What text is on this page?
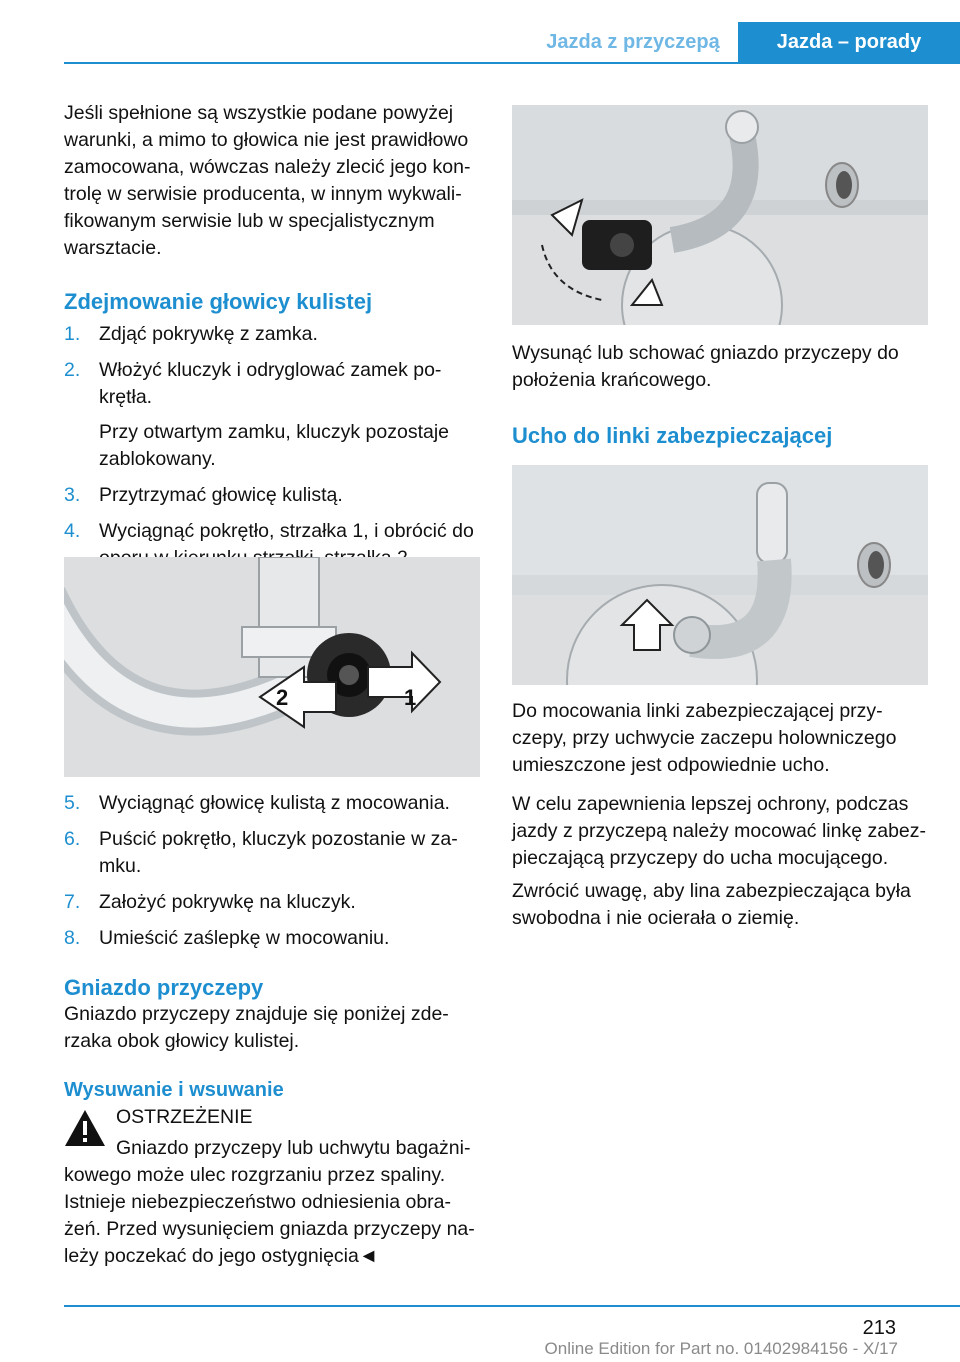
Jazda z przyczepą	Jazda – porady

Jeśli spełnione są wszystkie podane powyżej
warunki, a mimo to głowica nie jest prawidłowo
zamocowana, wówczas należy zlecić jego kon‐
trolę w serwisie producenta, w innym wykwali‐
fikowanym serwisie lub w specjalistycznym
warsztacie.

Zdejmowanie głowicy kulistej

1. Zdjąć pokrywkę z zamka.
2. Włożyć kluczyk i odryglować zamek po‐
krętła.
Przy otwartym zamku, kluczyk pozostaje
zablokowany.
3. Przytrzymać głowicę kulistą.
4. Wyciągnąć pokrętło, strzałka 1, i obrócić do

2	1
5. Wyciągnąć głowicę kulistą z mocowania.
6. Puścić pokrętło, kluczyk pozostanie w za‐
mku.
7. Założyć pokrywkę na kluczyk.
8. Umieścić zaślepkę w mocowaniu.

Gniazdo przyczepy

Gniazdo przyczepy znajduje się poniżej zde‐
rzaka obok głowicy kulistej.

Wysuwanie i wsuwanie

OSTRZEŻENIE

Gniazdo przyczepy lub uchwytu bagażni‐

kowego może ulec rozgrzaniu przez spaliny.
Istnieje niebezpieczeństwo odniesienia obra‐
żeń. Przed wysunięciem gniazda przyczepy na‐
leży poczekać do jego ostygnięcia◄

Wysunąć lub schować gniazdo przyczepy do
położenia krańcowego.

Ucho do linki zabezpieczającej

Do mocowania linki zabezpieczającej przy‐
czepy, przy uchwycie zaczepu holowniczego
umieszczone jest odpowiednie ucho.

W celu zapewnienia lepszej ochrony, podczas
jazdy z przyczepą należy mocować linkę zabez‐
pieczającą przyczepy do ucha mocującego.

Zwrócić uwagę, aby lina zabezpieczająca była
swobodna i nie ocierała o ziemię.

213
Online Edition for Part no. 01402984156 - X/17
